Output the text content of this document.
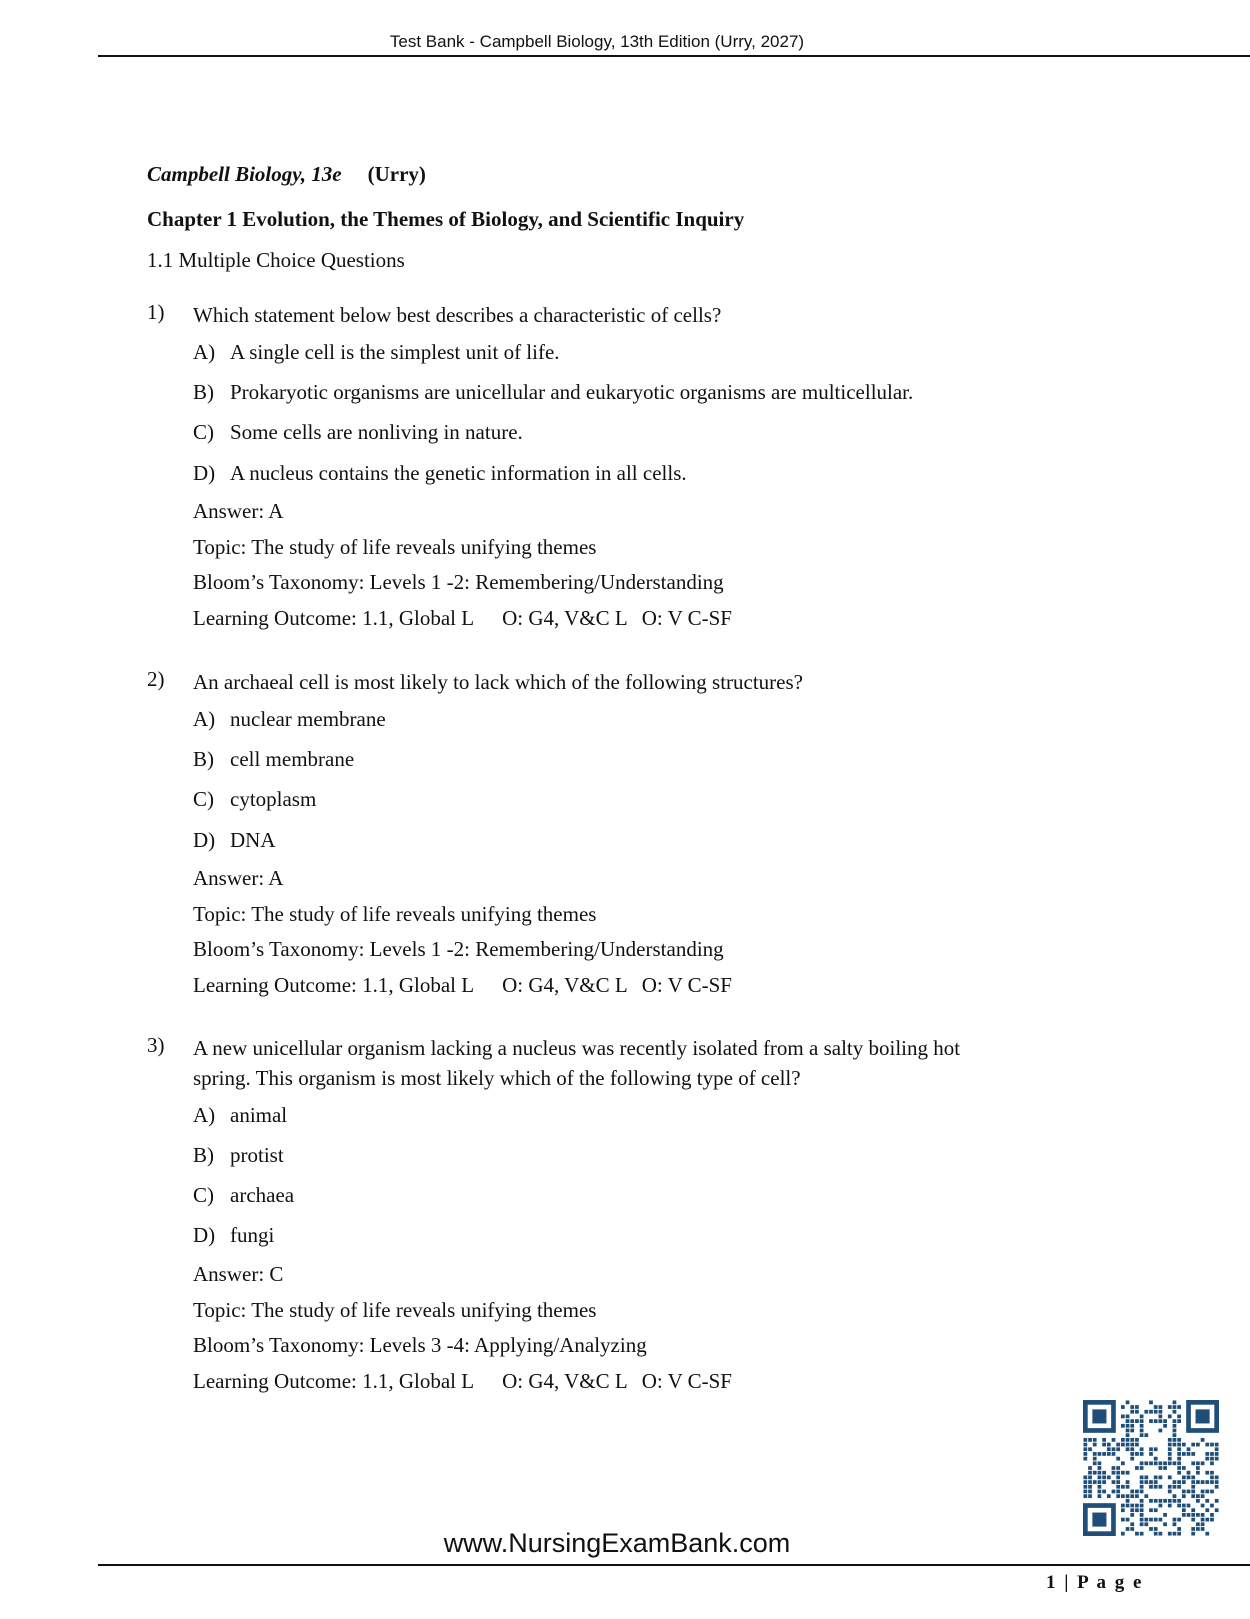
Test Bank - Campbell Biology, 13th Edition (Urry, 2027)
Campbell Biology, 13e (Urry)
Chapter 1 Evolution, the Themes of Biology, and Scientific Inquiry
1.1 Multiple Choice Questions
1) Which statement below best describes a characteristic of cells?
A) A single cell is the simplest unit of life.
B) Prokaryotic organisms are unicellular and eukaryotic organisms are multicellular.
C) Some cells are nonliving in nature.
D) A nucleus contains the genetic information in all cells.
Answer: A
Topic: The study of life reveals unifying themes
Bloom’s Taxonomy: Levels 1 -2: Remembering/Understanding
Learning Outcome: 1.1, Global L O: G4, V&C L O: V C-SF
2) An archaeal cell is most likely to lack which of the following structures?
A) nuclear membrane
B) cell membrane
C) cytoplasm
D) DNA
Answer: A
Topic: The study of life reveals unifying themes
Bloom’s Taxonomy: Levels 1 -2: Remembering/Understanding
Learning Outcome: 1.1, Global L O: G4, V&C L O: V C-SF
3) A new unicellular organism lacking a nucleus was recently isolated from a salty boiling hot spring. This organism is most likely which of the following type of cell?
A) animal
B) protist
C) archaea
D) fungi
Answer: C
Topic: The study of life reveals unifying themes
Bloom’s Taxonomy: Levels 3 -4: Applying/Analyzing
Learning Outcome: 1.1, Global L O: G4, V&C L O: V C-SF
www.NursingExamBank.com
1 | P a g e
